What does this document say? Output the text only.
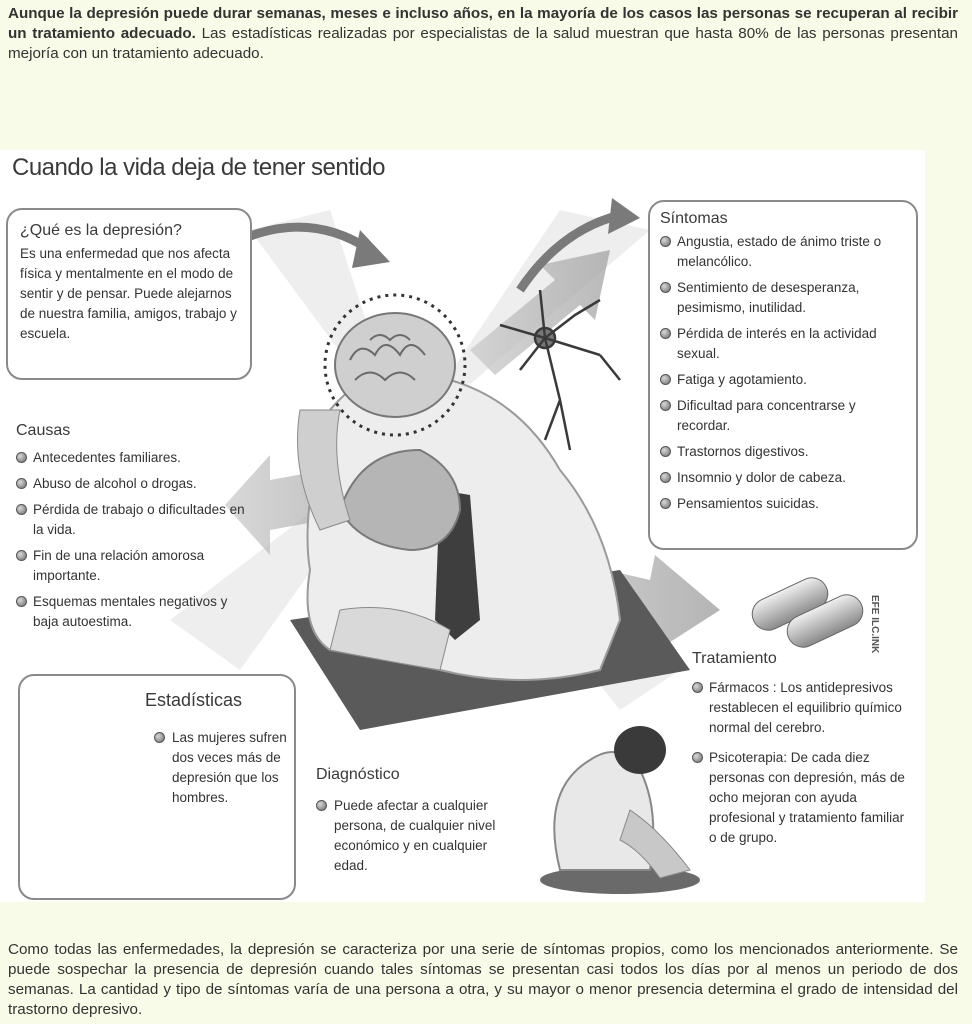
Aunque la depresión puede durar semanas, meses e incluso años, en la mayoría de los casos las personas se recuperan al recibir un tratamiento adecuado. Las estadísticas realizadas por especialistas de la salud muestran que hasta 80% de las personas presentan mejoría con un tratamiento adecuado.
Cuando la vida deja de tener sentido
¿Qué es la depresión?
Es una enfermedad que nos afecta física y mentalmente en el modo de sentir y de pensar. Puede alejarnos de nuestra familia, amigos, trabajo y escuela.
Síntomas
Angustia, estado de ánimo triste o melancólico.
Sentimiento de desesperanza, pesimismo, inutilidad.
Pérdida de interés en la actividad sexual.
Fatiga y agotamiento.
Dificultad para concentrarse y recordar.
Trastornos digestivos.
Insomnio y dolor de cabeza.
Pensamientos suicidas.
Causas
Antecedentes familiares.
Abuso de alcohol o drogas.
Pérdida de trabajo o dificultades en la vida.
Fin de una relación amorosa importante.
Esquemas mentales negativos y baja autoestima.
Estadísticas
Las mujeres sufren dos veces más de depresión que los hombres.
Diagnóstico
Puede afectar a cualquier persona, de cualquier nivel económico y en cualquier edad.
Tratamiento
Fármacos : Los antidepresivos restablecen el equilibrio químico normal del cerebro.
Psicoterapia: De cada diez personas con depresión, más de ocho mejoran con ayuda profesional y tratamiento familiar o de grupo.
EFE ILC.INK
Como todas las enfermedades, la depresión se caracteriza por una serie de síntomas propios, como los mencionados anteriormente. Se puede sospechar la presencia de depresión cuando tales síntomas se presentan casi todos los días por al menos un periodo de dos semanas. La cantidad y tipo de síntomas varía de una persona a otra, y su mayor o menor presencia determina el grado de intensidad del trastorno depresivo.
